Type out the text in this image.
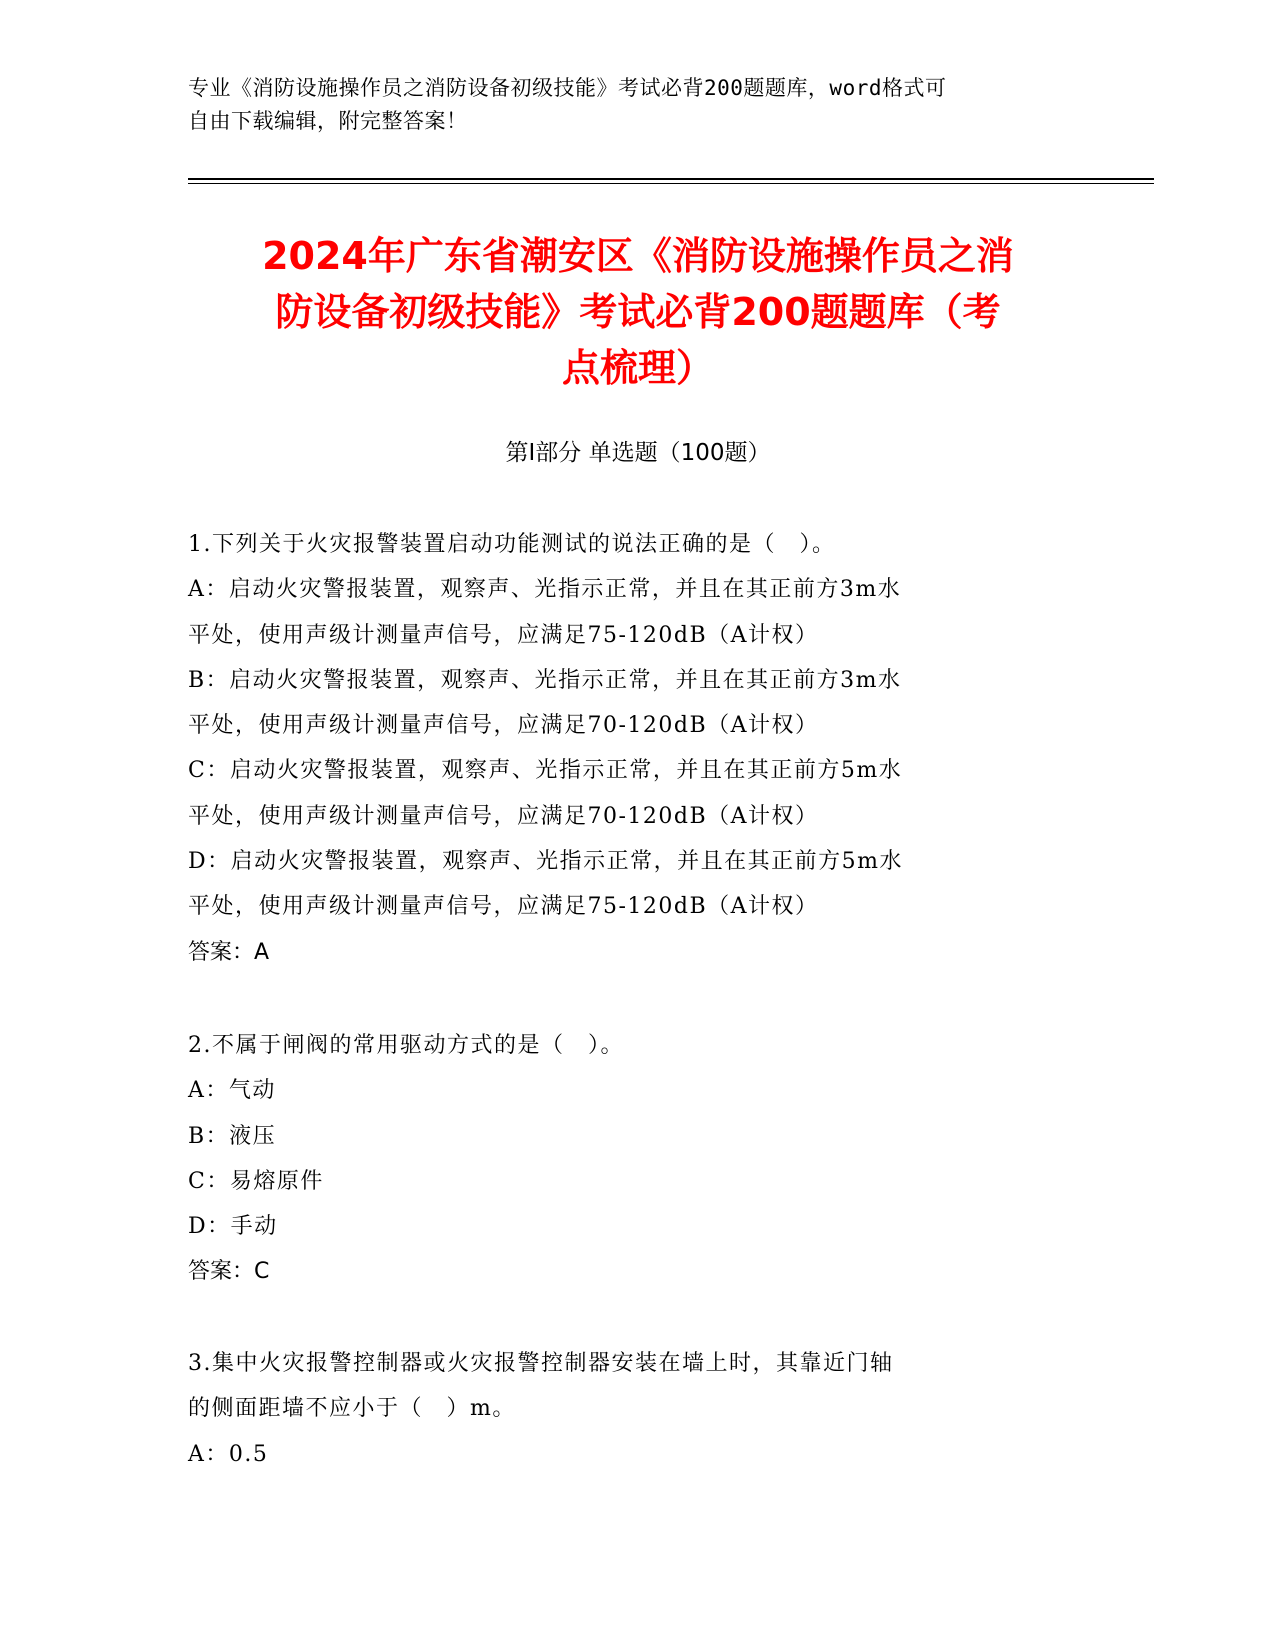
专业《消防设施操作员之消防设备初级技能》考试必背200题题库，word格式可
自由下载编辑，附完整答案！
2024年广东省潮安区《消防设施操作员之消
防设备初级技能》考试必背200题题库（考
点梳理）
第Ⅰ部分 单选题（100题）
1.下列关于火灾报警装置启动功能测试的说法正确的是（　）。
A：启动火灾警报装置，观察声、光指示正常，并且在其正前方3m水
平处，使用声级计测量声信号，应满足75-120dB（A计权）
B：启动火灾警报装置，观察声、光指示正常，并且在其正前方3m水
平处，使用声级计测量声信号，应满足70-120dB（A计权）
C：启动火灾警报装置，观察声、光指示正常，并且在其正前方5m水
平处，使用声级计测量声信号，应满足70-120dB（A计权）
D：启动火灾警报装置，观察声、光指示正常，并且在其正前方5m水
平处，使用声级计测量声信号，应满足75-120dB（A计权）
答案：A
2.不属于闸阀的常用驱动方式的是（　）。
A：气动
B：液压
C：易熔原件
D：手动
答案：C
3.集中火灾报警控制器或火灾报警控制器安装在墙上时，其靠近门轴
的侧面距墙不应小于（　）m。
A：0.5
